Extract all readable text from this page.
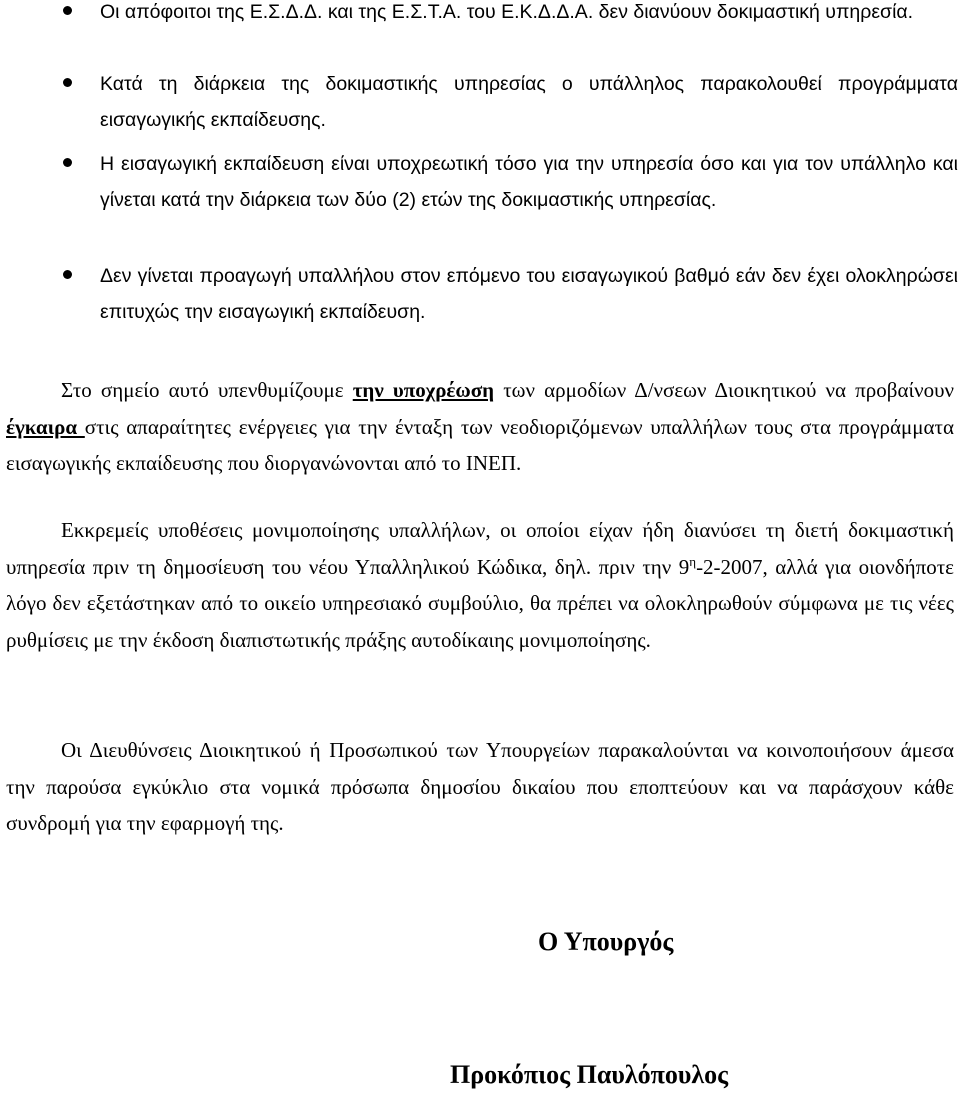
Οι απόφοιτοι της Ε.Σ.Δ.Δ. και της Ε.Σ.Τ.Α. του Ε.Κ.Δ.Δ.Α. δεν διανύουν δοκιμαστική υπηρεσία.
Κατά τη διάρκεια της δοκιμαστικής υπηρεσίας ο υπάλληλος παρακολουθεί προγράμματα εισαγωγικής εκπαίδευσης.
Η εισαγωγική εκπαίδευση είναι υποχρεωτική τόσο για την υπηρεσία όσο και για τον υπάλληλο και γίνεται κατά την διάρκεια των δύο (2) ετών της δοκιμαστικής υπηρεσίας.
Δεν γίνεται προαγωγή υπαλλήλου στον επόμενο του εισαγωγικού βαθμό εάν δεν έχει ολοκληρώσει επιτυχώς την εισαγωγική εκπαίδευση.

Στο σημείο αυτό υπενθυμίζουμε την υποχρέωση των αρμοδίων Δ/νσεων Διοικητικού να προβαίνουν έγκαιρα στις απαραίτητες ενέργειες για την ένταξη των νεοδιοριζόμενων υπαλλήλων τους στα προγράμματα εισαγωγικής εκπαίδευσης που διοργανώνονται από το ΙΝΕΠ.

Εκκρεμείς υποθέσεις μονιμοποίησης υπαλλήλων, οι οποίοι είχαν ήδη διανύσει τη διετή δοκιμαστική υπηρεσία πριν τη δημοσίευση του νέου Υπαλληλικού Κώδικα, δηλ. πριν την $9^\eta-2-2007$, αλλά για οιονδήποτε λόγο δεν εξετάστηκαν από το οικείο υπηρεσιακό συμβούλιο, θα πρέπει να ολοκληρωθούν σύμφωνα με τις νέες ρυθμίσεις με την έκδοση διαπιστωτικής πράξης αυτοδίκαιης μονιμοποίησης.

Οι Διευθύνσεις Διοικητικού ή Προσωπικού των Υπουργείων παρακαλούνται να κοινοποιήσουν άμεσα την παρούσα εγκύκλιο στα νομικά πρόσωπα δημοσίου δικαίου που εποπτεύουν και να παράσχουν κάθε συνδρομή για την εφαρμογή της.

Ο Υπουργός

Προκόπιος Παυλόπουλος
